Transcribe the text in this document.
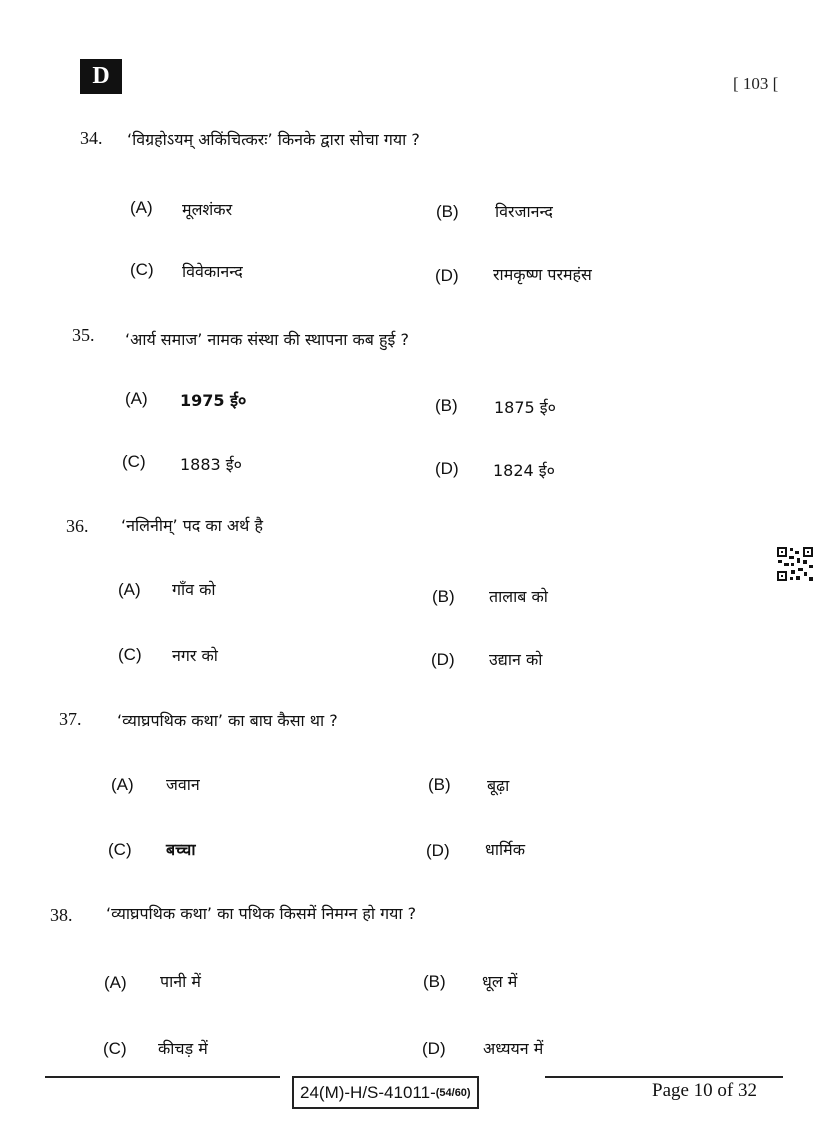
D	[ 103 [
34. ‘विग्रहोऽयम् अकिंचित्करः’ किनके द्वारा सोचा गया ?
(A) मूलशंकर	(B) विरजानन्द
(C) विवेकानन्द	(D) रामकृष्ण परमहंस
35. ‘आर्य समाज’ नामक संस्था की स्थापना कब हुई ?
(A) 1975 ई०	(B) 1875 ई०
(C) 1883 ई०	(D) 1824 ई०
36. ‘नलिनीम्’ पद का अर्थ है
(A) गाँव को	(B) तालाब को
(C) नगर को	(D) उद्यान को
37. ‘व्याघ्रपथिक कथा’ का बाघ कैसा था ?
(A) जवान	(B) बूढ़ा
(C) बच्चा	(D) धार्मिक
38. ‘व्याघ्रपथिक कथा’ का पथिक किसमें निमग्न हो गया ?
(A) पानी में	(B) धूल में
(C) कीचड़ में	(D) अध्ययन में
24(M)-H/S-41011- (54/60)	Page 10 of 32
